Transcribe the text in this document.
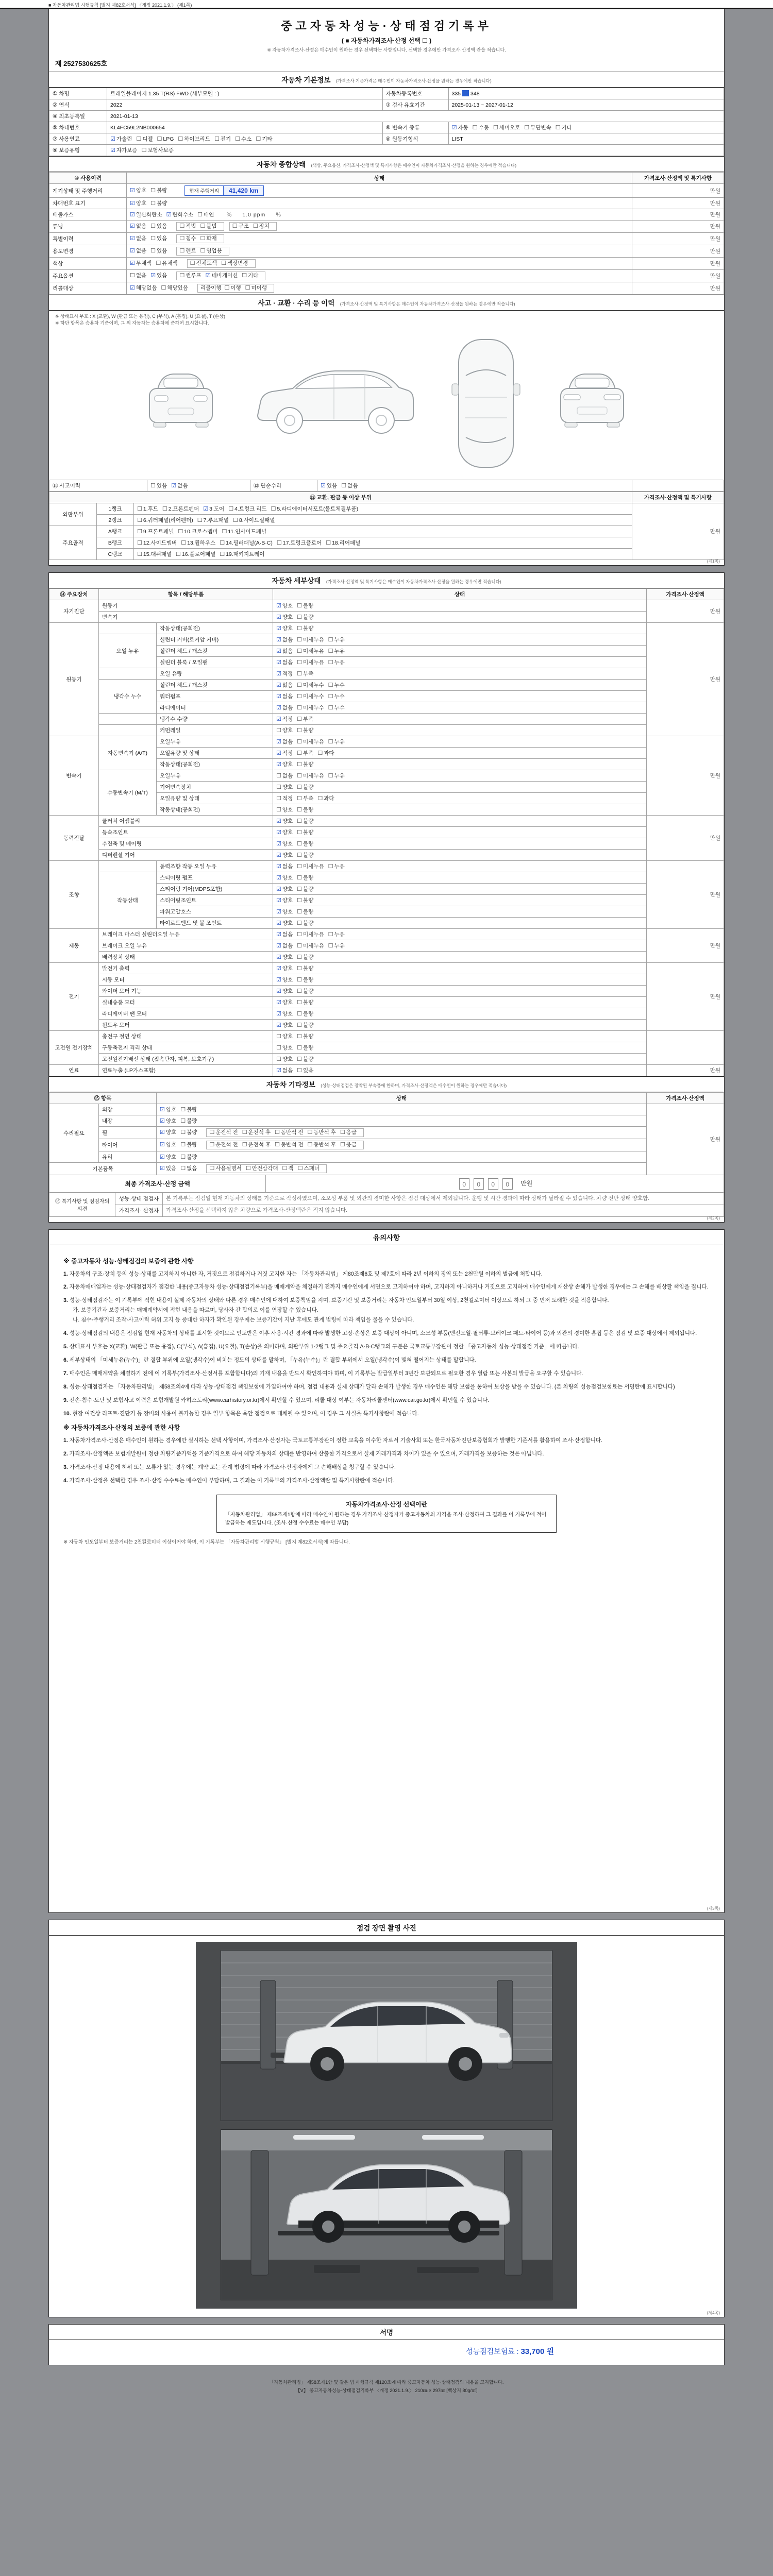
■ 자동차관리법 시행규칙 [별지 제82호서식] 〈개정 2021.1.9.〉 (제1쪽)
중고자동차성능·상태점검기록부
( ■ 자동차가격조사·산정 선택 ☐ )
※ 자동차가격조사·산정은 매수인이 원하는 경우 선택하는 사항입니다. 선택한 경우에만 가격조사·산정액 란을 적습니다.
제 2527530625호
자동차 기본정보 (가격조사 기준가격은 매수인이 자동차가격조사·산정을 원하는 경우에만 적습니다)
① 차명	트레일블레이저 1.35 T(RS) FWD (세부모델 : )	자동차등록번호	335 348
② 연식	2022	③ 검사 유효기간	2025-01-13 ~ 2027-01-12
④ 최초등록일	2021-01-13		
⑤ 차대번호	KL4FC59L2NB000654	⑥ 변속기 종류	☑ 자동 ☐ 수동 ☐ 세미오토 ☐ 무단변속 ☐ 기타
⑦ 사용연료	☑ 가솔린 ☐ 디젤 ☐ LPG ☐ 하이브리드 ☐ 전기 ☐ 수소 ☐ 기타	⑧ 원동기형식	LIST
⑨ 보증유형	☑ 자가보증 ☐ 보험사보증		
자동차 종합상태 (색상, 주요옵션, 가격조사·산정액 및 특기사항은 매수인이 자동차가격조사·산정을 원하는 경우에만 적습니다)
⑩ 사용이력	상태	가격조사·산정액 및 특기사항
계기상태 및 주행거리	☑ 양호 ☐ 불량 현재 주행거리 41,420 km	만원
차대번호 표기	☑ 양호 ☐ 불량	만원
배출가스	☑ 일산화탄소 ☑ 탄화수소 ☐ 매연 ％     1.0 ppm     ％	만원
튜닝	☑ 없음 ☐ 있음 ☐ 적법 ☐ 불법 ☐ 구조 ☐ 장치	만원
특별이력	☑ 없음 ☐ 있음 ☐ 침수 ☐ 화재	만원
용도변경	☑ 없음 ☐ 있음 ☐ 렌트 ☐ 영업용	만원
색상	☑ 무채색 ☐ 유채색 ☐ 전체도색 ☐ 색상변경	만원
주요옵션	☐ 없음 ☑ 있음 ☐ 썬루프 ☑ 네비게이션 ☐ 기타	만원
리콜대상	☑ 해당없음 ☐ 해당있음 리콜이행 ☐ 이행 ☐ 미이행	만원
사고 · 교환 · 수리 등 이력 (가격조사·산정액 및 특기사항은 매수인이 자동차가격조사·산정을 원하는 경우에만 적습니다)
※ 상태표시 부호 : X (교환), W (판금 또는 용접), C (부식), A (흠집), U (요철), T (손상)
※ 하단 항목은 승용차 기준이며, 그 외 자동차는 승용차에 준하여 표시합니다.
⑪ 사고이력	☐ 있음 ☑ 없음	⑫ 단순수리	☑ 있음 ☐ 없음	
⑬ 교환, 판금 등 이상 부위			가격조사·산정액 및 특기사항
외판부위	1랭크	☐ 1.후드 ☐ 2.프론트펜더 ☑ 3.도어 ☐ 4.트렁크 리드 ☐ 5.라디에이터서포트(볼트체결부품)	만원
	2랭크	☐ 6.쿼터패널(리어펜더) ☐ 7.루프패널 ☐ 8.사이드실패널	
주요골격	A랭크	☐ 9.프론트패널 ☐ 10.크로스멤버 ☐ 11.인사이드패널	
	B랭크	☐ 12.사이드멤버 ☐ 13.휠하우스 ☐ 14.필러패널(A·B·C) ☐ 17.트렁크플로어 ☐ 18.리어패널	
	C랭크	☐ 15.대쉬패널 ☐ 16.플로어패널 ☐ 19.패키지트레이	
(제1쪽)
자동차 세부상태 (가격조사·산정액 및 특기사항은 매수인이 자동차가격조사·산정을 원하는 경우에만 적습니다)
⑭ 주요장치	항목 / 해당부품		상태	가격조사·산정액
자기진단	원동기		☑ 양호 ☐ 불량	만원
	변속기		☑ 양호 ☐ 불량	
원동기		작동상태(공회전)	☑ 양호 ☐ 불량	만원
	오일 누유	실린더 커버(로커암 커버)	☑ 없음 ☐ 미세누유 ☐ 누유	
		실린더 헤드 / 개스킷	☑ 없음 ☐ 미세누유 ☐ 누유	
		실린더 블록 / 오일팬	☑ 없음 ☐ 미세누유 ☐ 누유	
		오일 유량	☑ 적정 ☐ 부족	
	냉각수 누수	실린더 헤드 / 개스킷	☑ 없음 ☐ 미세누수 ☐ 누수	
		워터펌프	☑ 없음 ☐ 미세누수 ☐ 누수	
		라디에이터	☑ 없음 ☐ 미세누수 ☐ 누수	
		냉각수 수량	☑ 적정 ☐ 부족	
		커먼레일	☐ 양호 ☐ 불량	
변속기	자동변속기 (A/T)	오일누유	☑ 없음 ☐ 미세누유 ☐ 누유	만원
		오일유량 및 상태	☑ 적정 ☐ 부족 ☐ 과다	
		작동상태(공회전)	☑ 양호 ☐ 불량	
	수동변속기 (M/T)	오일누유	☐ 없음 ☐ 미세누유 ☐ 누유	
		기어변속장치	☐ 양호 ☐ 불량	
		오일유량 및 상태	☐ 적정 ☐ 부족 ☐ 과다	
		작동상태(공회전)	☐ 양호 ☐ 불량	
동력전달	클러치 어셈블리		☑ 양호 ☐ 불량	만원
	등속조인트		☑ 양호 ☐ 불량	
	추진축 및 베어링		☑ 양호 ☐ 불량	
	디퍼렌셜 기어		☑ 양호 ☐ 불량	
조향		동력조향 작동 오일 누유	☑ 없음 ☐ 미세누유 ☐ 누유	만원
	작동상태	스티어링 펌프	☑ 양호 ☐ 불량	
		스티어링 기어(MDPS포함)	☑ 양호 ☐ 불량	
		스티어링조인트	☑ 양호 ☐ 불량	
		파워고압호스	☑ 양호 ☐ 불량	
		타이로드엔드 및 볼 조인트	☑ 양호 ☐ 불량	
제동	브레이크 마스터 실린더오일 누유		☑ 없음 ☐ 미세누유 ☐ 누유	만원
	브레이크 오일 누유		☑ 없음 ☐ 미세누유 ☐ 누유	
	배력장치 상태		☑ 양호 ☐ 불량	
전기	발전기 출력		☑ 양호 ☐ 불량	만원
	시동 모터		☑ 양호 ☐ 불량	
	와이퍼 모터 기능		☑ 양호 ☐ 불량	
	실내송풍 모터		☑ 양호 ☐ 불량	
	라디에이터 팬 모터		☑ 양호 ☐ 불량	
	윈도우 모터		☑ 양호 ☐ 불량	
고전원 전기장치	충전구 절연 상태		☐ 양호 ☐ 불량	
	구동축전지 격리 상태		☐ 양호 ☐ 불량	
	고전원전기배선 상태 (접속단자, 피복, 보호기구)		☐ 양호 ☐ 불량	
연료	연료누출 (LP가스포함)		☑ 없음 ☐ 있음	만원
자동차 기타정보 (성능·상태점검은 장착된 부속품에 한하며, 가격조사·산정액은 매수인이 원하는 경우에만 적습니다)
⑮ 항목		상태	가격조사·산정액
수리필요	외장	☑ 양호 ☐ 불량	만원
	내장	☑ 양호 ☐ 불량	
	휠	☑ 양호 ☐ 불량 ☐ 운전석 전 ☐ 운전석 후 ☐ 동반석 전 ☐ 동반석 후 ☐ 응급	
	타이어	☑ 양호 ☐ 불량 ☐ 운전석 전 ☐ 운전석 후 ☐ 동반석 전 ☐ 동반석 후 ☐ 응급	
	유리	☑ 양호 ☐ 불량	
기본품목		☑ 있음 ☐ 없음 ☐ 사용설명서 ☐ 안전삼각대 ☐ 잭 ☐ 스패너	
최종 가격조사·산정 금액	0 0 0 0 만원
⑯ 특기사항 및 점검자의 의견	성능·상태 점검자	본 기록부는 점검일 현재 자동차의 상태를 기준으로 작성하였으며, 소모성 부품 및 외관의 경미한 사항은 점검 대상에서 제외됩니다. 운행 및 시간 경과에 따라 상태가 달라질 수 있습니다. 차량 전반 상태 양호함.
	가격조사· 산정자	가격조사·산정을 선택하지 않은 차량으로 가격조사·산정액란은 적지 않습니다.
(제2쪽)
유의사항
※ 중고자동차 성능·상태점검의 보증에 관한 사항
1. 자동차의 구조·장치 등의 성능·상태를 고지하지 아니한 자, 거짓으로 점검하거나 거짓 고지한 자는 「자동차관리법」 제80조제6호 및 제7호에 따라 2년 이하의 징역 또는 2천만원 이하의 벌금에 처합니다.
2. 자동차매매업자는 성능·상태점검자가 점검한 내용(중고자동차 성능·상태점검기록부)을 매매계약을 체결하기 전까지 매수인에게 서면으로 고지하여야 하며, 고지하지 아니하거나 거짓으로 고지하여 매수인에게 재산상 손해가 발생한 경우에는 그 손해를 배상할 책임을 집니다.
3. 성능·상태점검자는 이 기록부에 적힌 내용이 실제 자동차의 상태와 다른 경우 매수인에 대하여 보증책임을 지며, 보증기간 및 보증거리는 자동차 인도일부터 30일 이상, 2천킬로미터 이상으로 하되 그 중 먼저 도래한 것을 적용합니다.
가. 보증기간과 보증거리는 매매계약서에 적힌 내용을 따르며, 당사자 간 합의로 이를 연장할 수 있습니다.
나. 침수·주행거리 조작·사고이력 허위 고지 등 중대한 하자가 확인된 경우에는 보증기간이 지난 후에도 관계 법령에 따라 책임을 물을 수 있습니다.
4. 성능·상태점검의 내용은 점검일 현재 자동차의 상태를 표시한 것이므로 인도받은 이후 사용·시간 경과에 따라 발생한 고장·손상은 보증 대상이 아니며, 소모성 부품(엔진오일·필터류·브레이크 패드·타이어 등)과 외관의 경미한 흠집 등은 점검 및 보증 대상에서 제외됩니다.
5. 상태표시 부호는 X(교환), W(판금 또는 용접), C(부식), A(흠집), U(요철), T(손상)을 의미하며, 외판부위 1·2랭크 및 주요골격 A·B·C랭크의 구분은 국토교통부장관이 정한 「중고자동차 성능·상태점검 기준」에 따릅니다.
6. 세부상태의 「미세누유(누수)」란 결합 부위에 오일(냉각수)이 비치는 정도의 상태를 말하며, 「누유(누수)」란 결합 부위에서 오일(냉각수)이 맺혀 떨어지는 상태를 말합니다.
7. 매수인은 매매계약을 체결하기 전에 이 기록부(가격조사·산정서를 포함합니다)의 기재 내용을 반드시 확인하여야 하며, 이 기록부는 발급일부터 3년간 보관되므로 필요한 경우 열람 또는 사본의 발급을 요구할 수 있습니다.
8. 성능·상태점검자는 「자동차관리법」 제58조의4에 따라 성능·상태점검 책임보험에 가입하여야 하며, 점검 내용과 실제 상태가 달라 손해가 발생한 경우 매수인은 해당 보험을 통하여 보상을 받을 수 있습니다. (본 차량의 성능점검보험료는 서명란에 표시합니다)
9. 전손·침수·도난 및 보험사고 이력은 보험개발원 카히스토리(www.carhistory.or.kr)에서 확인할 수 있으며, 리콜 대상 여부는 자동차리콜센터(www.car.go.kr)에서 확인할 수 있습니다.
10. 현장 여건상 리프트·진단기 등 장비의 사용이 불가능한 경우 일부 항목은 육안 점검으로 대체될 수 있으며, 이 경우 그 사실을 특기사항란에 적습니다.
※ 자동차가격조사·산정의 보증에 관한 사항
1. 자동차가격조사·산정은 매수인이 원하는 경우에만 실시하는 선택 사항이며, 가격조사·산정자는 국토교통부장관이 정한 교육을 이수한 자로서 기술사회 또는 한국자동차진단보증협회가 발행한 기준서를 활용하여 조사·산정합니다.
2. 가격조사·산정액은 보험개발원이 정한 차량기준가액을 기준가격으로 하여 해당 자동차의 상태를 반영하여 산출한 가격으로서 실제 거래가격과 차이가 있을 수 있으며, 거래가격을 보증하는 것은 아닙니다.
3. 가격조사·산정 내용에 허위 또는 오류가 있는 경우에는 계약 또는 관계 법령에 따라 가격조사·산정자에게 그 손해배상을 청구할 수 있습니다.
4. 가격조사·산정을 선택한 경우 조사·산정 수수료는 매수인이 부담하며, 그 결과는 이 기록부의 가격조사·산정액란 및 특기사항란에 적습니다.
자동차가격조사·산정 선택이란
「자동차관리법」 제58조제1항에 따라 매수인이 원하는 경우 가격조사·산정자가 중고자동차의 가격을 조사·산정하여 그 결과를 이 기록부에 적어 발급하는 제도입니다. (조사·산정 수수료는 매수인 부담)
※ 자동차 인도일부터 보증거리는 2천킬로미터 이상이어야 하며, 이 기록부는 「자동차관리법 시행규칙」 [별지 제82호서식]에 따릅니다.
(제3쪽)
점검 장면 촬영 사진
(제4쪽)
서명
성능점검보험료 : 33,700 원
「자동차관리법」 제58조제1항 및 같은 법 시행규칙 제120조에 따라 중고자동차 성능·상태점검의 내용을 고지합니다.
【Ⅴ】 중고자동차성능·상태점검기록부 〈개정 2021.1.9.〉 210㎜ × 297㎜ [백상지 80g/㎡]
